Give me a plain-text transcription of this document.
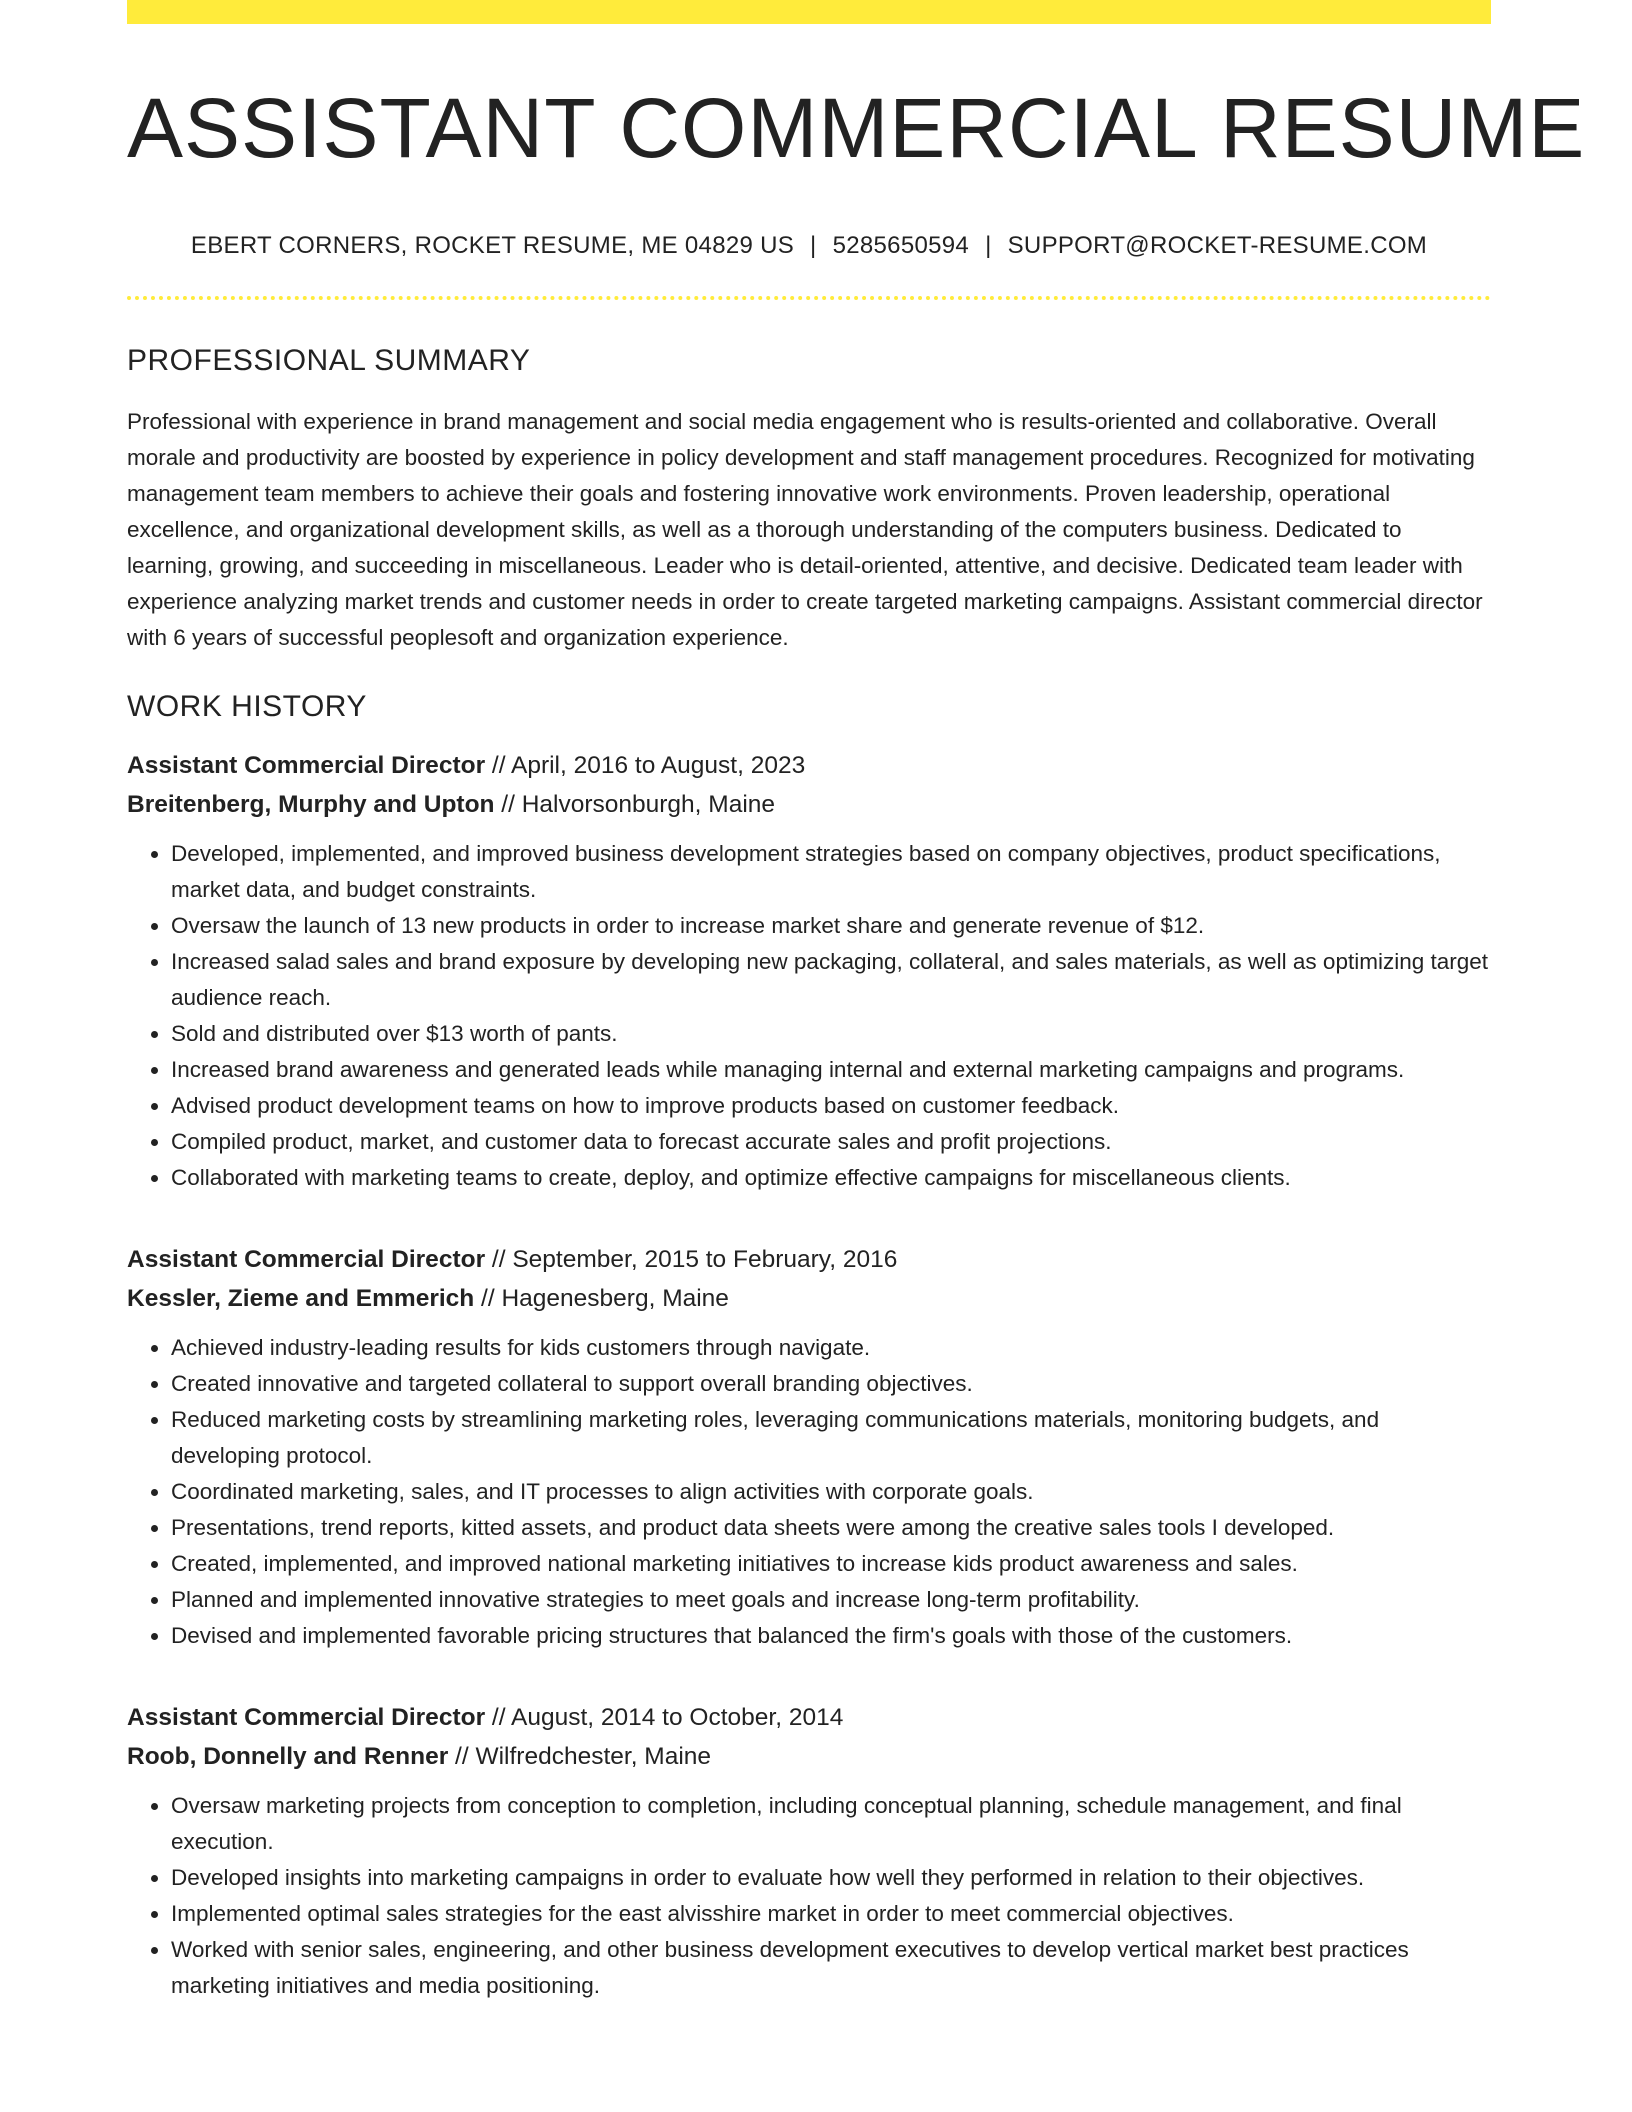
ASSISTANT COMMERCIAL RESUME
EBERT CORNERS, ROCKET RESUME, ME 04829 US | 5285650594 | SUPPORT@ROCKET-RESUME.COM
PROFESSIONAL SUMMARY
Professional with experience in brand management and social media engagement who is results-oriented and collaborative. Overall morale and productivity are boosted by experience in policy development and staff management procedures. Recognized for motivating management team members to achieve their goals and fostering innovative work environments. Proven leadership, operational excellence, and organizational development skills, as well as a thorough understanding of the computers business. Dedicated to learning, growing, and succeeding in miscellaneous. Leader who is detail-oriented, attentive, and decisive. Dedicated team leader with experience analyzing market trends and customer needs in order to create targeted marketing campaigns. Assistant commercial director with 6 years of successful peoplesoft and organization experience.
WORK HISTORY
Assistant Commercial Director // April, 2016 to August, 2023
Breitenberg, Murphy and Upton // Halvorsonburgh, Maine
• Developed, implemented, and improved business development strategies based on company objectives, product specifications, market data, and budget constraints.
• Oversaw the launch of 13 new products in order to increase market share and generate revenue of $12.
• Increased salad sales and brand exposure by developing new packaging, collateral, and sales materials, as well as optimizing target audience reach.
• Sold and distributed over $13 worth of pants.
• Increased brand awareness and generated leads while managing internal and external marketing campaigns and programs.
• Advised product development teams on how to improve products based on customer feedback.
• Compiled product, market, and customer data to forecast accurate sales and profit projections.
• Collaborated with marketing teams to create, deploy, and optimize effective campaigns for miscellaneous clients.
Assistant Commercial Director // September, 2015 to February, 2016
Kessler, Zieme and Emmerich // Hagenesberg, Maine
• Achieved industry-leading results for kids customers through navigate.
• Created innovative and targeted collateral to support overall branding objectives.
• Reduced marketing costs by streamlining marketing roles, leveraging communications materials, monitoring budgets, and developing protocol.
• Coordinated marketing, sales, and IT processes to align activities with corporate goals.
• Presentations, trend reports, kitted assets, and product data sheets were among the creative sales tools I developed.
• Created, implemented, and improved national marketing initiatives to increase kids product awareness and sales.
• Planned and implemented innovative strategies to meet goals and increase long-term profitability.
• Devised and implemented favorable pricing structures that balanced the firm's goals with those of the customers.
Assistant Commercial Director // August, 2014 to October, 2014
Roob, Donnelly and Renner // Wilfredchester, Maine
• Oversaw marketing projects from conception to completion, including conceptual planning, schedule management, and final execution.
• Developed insights into marketing campaigns in order to evaluate how well they performed in relation to their objectives.
• Implemented optimal sales strategies for the east alvisshire market in order to meet commercial objectives.
• Worked with senior sales, engineering, and other business development executives to develop vertical market best practices marketing initiatives and media positioning.
